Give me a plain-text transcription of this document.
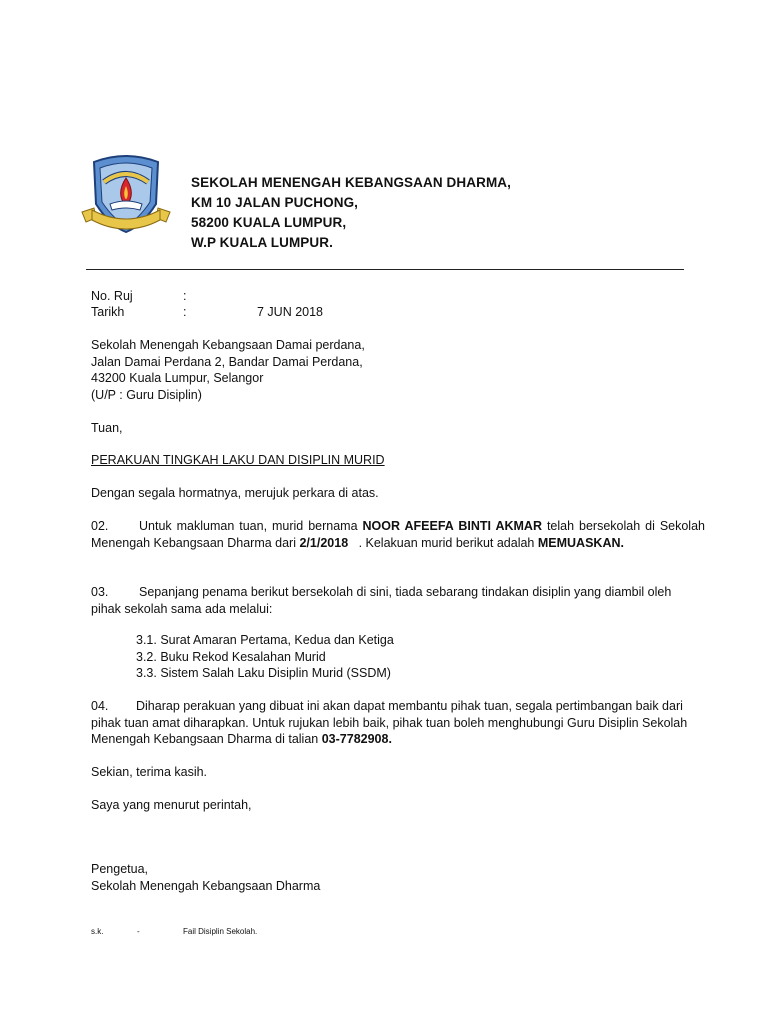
SEKOLAH MENENGAH KEBANGSAAN DHARMA,
KM 10 JALAN PUCHONG,
58200 KUALA LUMPUR,
W.P KUALA LUMPUR.
No. Ruj	:
Tarikh	:	7 JUN 2018
Sekolah Menengah Kebangsaan Damai perdana,
Jalan Damai Perdana 2, Bandar Damai Perdana,
43200 Kuala Lumpur, Selangor
(U/P : Guru Disiplin)
Tuan,
PERAKUAN TINGKAH LAKU DAN DISIPLIN MURID
Dengan segala hormatnya, merujuk perkara di atas.
02. Untuk makluman tuan, murid bernama NOOR AFEEFA BINTI AKMAR telah bersekolah di Sekolah Menengah Kebangsaan Dharma dari 2/1/2018   . Kelakuan murid berikut adalah MEMUASKAN.
03. Sepanjang penama berikut bersekolah di sini, tiada sebarang tindakan disiplin yang diambil oleh pihak sekolah sama ada melalui:
3.1. Surat Amaran Pertama, Kedua dan Ketiga
3.2. Buku Rekod Kesalahan Murid
3.3. Sistem Salah Laku Disiplin Murid (SSDM)
04. Diharap perakuan yang dibuat ini akan dapat membantu pihak tuan, segala pertimbangan baik dari pihak tuan amat diharapkan. Untuk rujukan lebih baik, pihak tuan boleh menghubungi Guru Disiplin Sekolah Menengah Kebangsaan Dharma di talian 03-7782908.
Sekian, terima kasih.
Saya yang menurut perintah,
Pengetua,
Sekolah Menengah Kebangsaan Dharma
s.k.	-	Fail Disiplin Sekolah.
